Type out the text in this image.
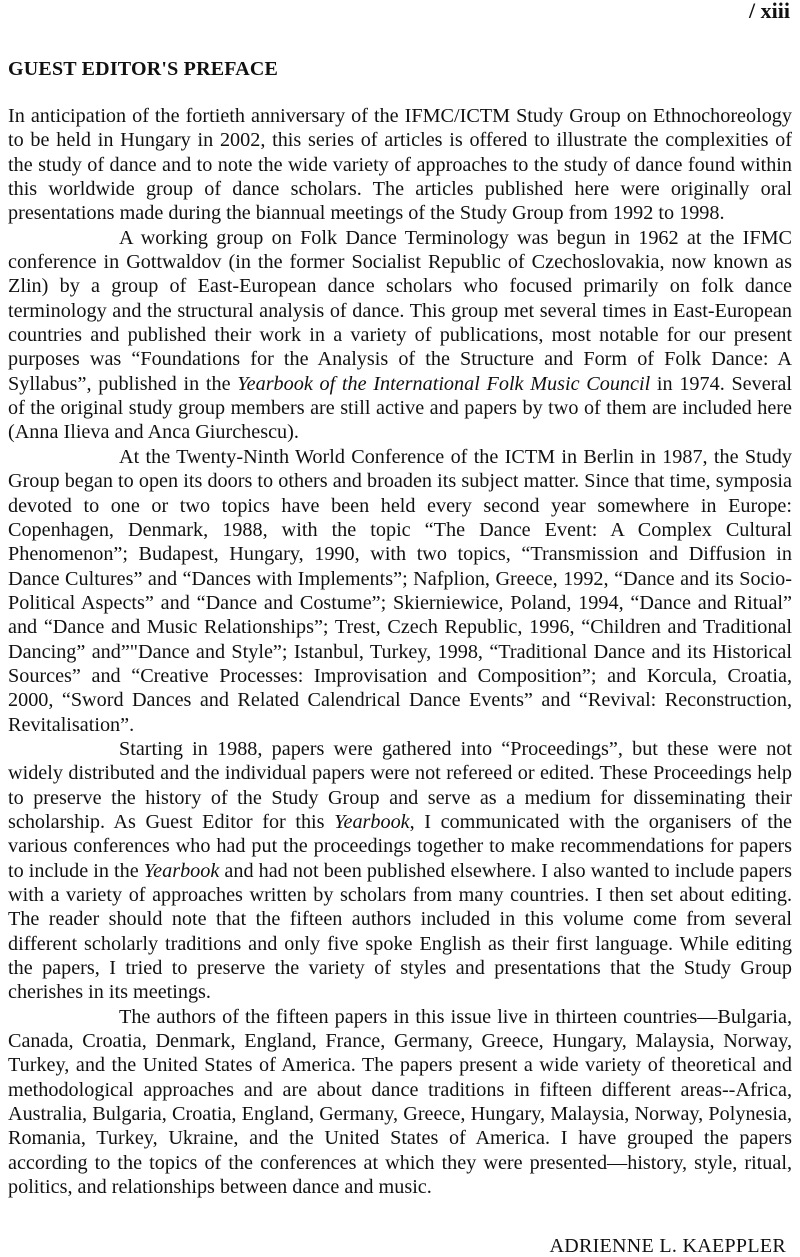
/ xiii
GUEST EDITOR'S PREFACE

In anticipation of the fortieth anniversary of the IFMC/ICTM Study Group on Ethnochoreology to be held in Hungary in 2002, this series of articles is offered to illustrate the complexities of the study of dance and to note the wide variety of approaches to the study of dance found within this worldwide group of dance scholars. The articles published here were originally oral presentations made during the biannual meetings of the Study Group from 1992 to 1998.

A working group on Folk Dance Terminology was begun in 1962 at the IFMC conference in Gottwaldov (in the former Socialist Republic of Czechoslovakia, now known as Zlin) by a group of East-European dance scholars who focused primarily on folk dance terminology and the structural analysis of dance. This group met several times in East-European countries and published their work in a variety of publications, most notable for our present purposes was “Foundations for the Analysis of the Structure and Form of Folk Dance: A Syllabus”, published in the Yearbook of the International Folk Music Council in 1974. Several of the original study group members are still active and papers by two of them are included here (Anna Ilieva and Anca Giurchescu).

At the Twenty-Ninth World Conference of the ICTM in Berlin in 1987, the Study Group began to open its doors to others and broaden its subject matter. Since that time, symposia devoted to one or two topics have been held every second year somewhere in Europe: Copenhagen, Denmark, 1988, with the topic “The Dance Event: A Complex Cultural Phenomenon”; Budapest, Hungary, 1990, with two topics, “Transmission and Diffusion in Dance Cultures” and “Dances with Implements”; Nafplion, Greece, 1992, “Dance and its Socio-Political Aspects” and “Dance and Costume”; Skierniewice, Poland, 1994, “Dance and Ritual” and “Dance and Music Relationships”; Trest, Czech Republic, 1996, “Children and Traditional Dancing” and”"Dance and Style”; Istanbul, Turkey, 1998, “Traditional Dance and its Historical Sources” and “Creative Processes: Improvisation and Composition”; and Korcula, Croatia, 2000, “Sword Dances and Related Calendrical Dance Events” and “Revival: Reconstruction, Revitalisation”.

Starting in 1988, papers were gathered into “Proceedings”, but these were not widely distributed and the individual papers were not refereed or edited. These Proceedings help to preserve the history of the Study Group and serve as a medium for disseminating their scholarship. As Guest Editor for this Yearbook, I communicated with the organisers of the various conferences who had put the proceedings together to make recommendations for papers to include in the Yearbook and had not been published elsewhere. I also wanted to include papers with a variety of approaches written by scholars from many countries. I then set about editing. The reader should note that the fifteen authors included in this volume come from several different scholarly traditions and only five spoke English as their first language. While editing the papers, I tried to preserve the variety of styles and presentations that the Study Group cherishes in its meetings.

The authors of the fifteen papers in this issue live in thirteen countries—Bulgaria, Canada, Croatia, Denmark, England, France, Germany, Greece, Hungary, Malaysia, Norway, Turkey, and the United States of America. The papers present a wide variety of theoretical and methodological approaches and are about dance traditions in fifteen different areas--Africa, Australia, Bulgaria, Croatia, England, Germany, Greece, Hungary, Malaysia, Norway, Polynesia, Romania, Turkey, Ukraine, and the United States of America. I have grouped the papers according to the topics of the conferences at which they were presented—history, style, ritual, politics, and relationships between dance and music.

ADRIENNE L. KAEPPLER
